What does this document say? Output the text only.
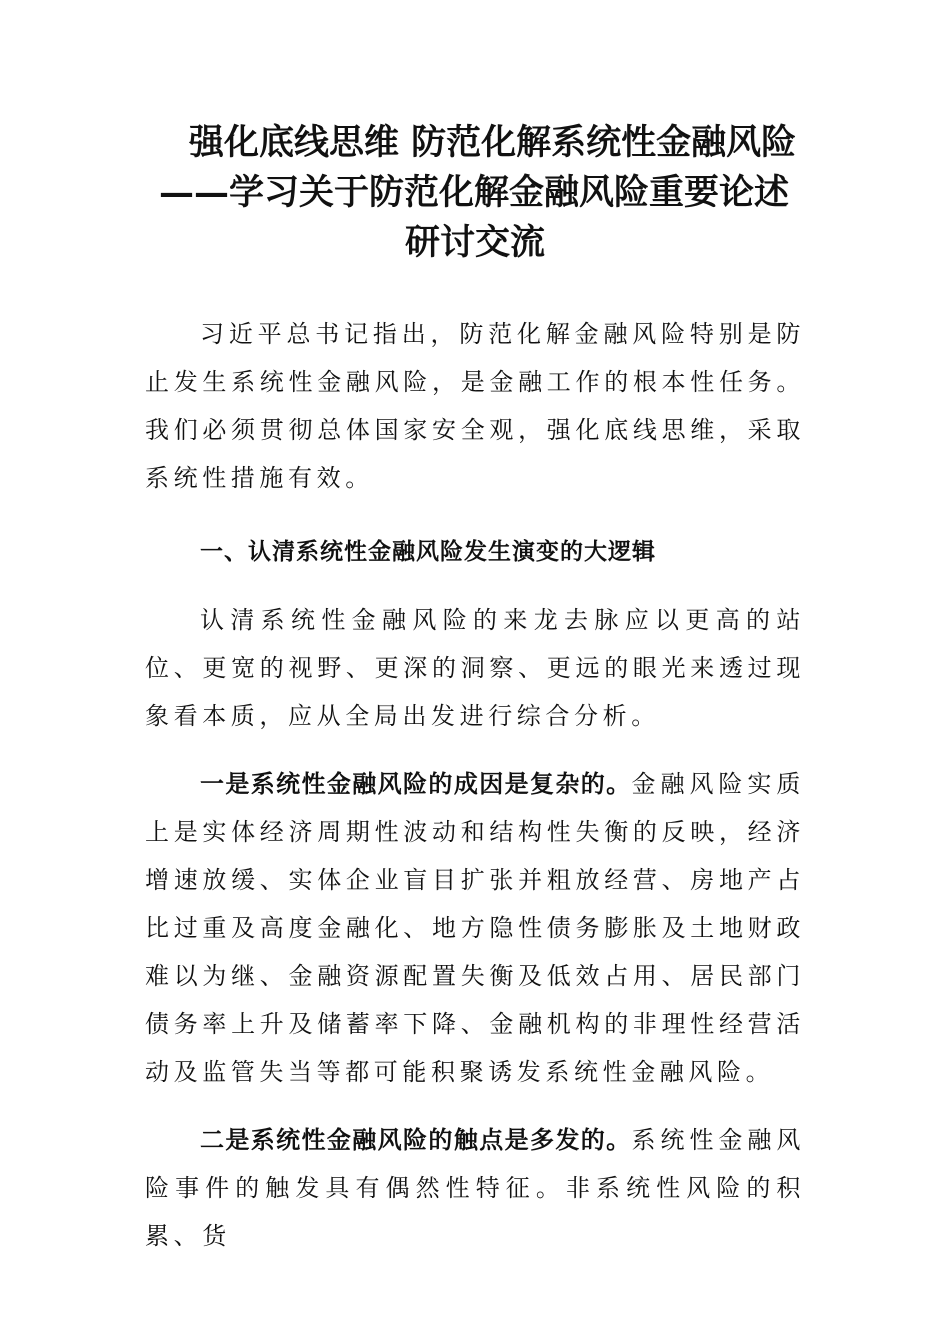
强化底线思维 防范化解系统性金融风险
——学习关于防范化解金融风险重要论述
研讨交流

习近平总书记指出，防范化解金融风险特别是防止发生系统性金融风险，是金融工作的根本性任务。我们必须贯彻总体国家安全观，强化底线思维，采取系统性措施有效。

一、认清系统性金融风险发生演变的大逻辑

认清系统性金融风险的来龙去脉应以更高的站位、更宽的视野、更深的洞察、更远的眼光来透过现象看本质，应从全局出发进行综合分析。

一是系统性金融风险的成因是复杂的。金融风险实质上是实体经济周期性波动和结构性失衡的反映，经济增速放缓、实体企业盲目扩张并粗放经营、房地产占比过重及高度金融化、地方隐性债务膨胀及土地财政难以为继、金融资源配置失衡及低效占用、居民部门债务率上升及储蓄率下降、金融机构的非理性经营活动及监管失当等都可能积聚诱发系统性金融风险。

二是系统性金融风险的触点是多发的。系统性金融风险事件的触发具有偶然性特征。非系统性风险的积累、货
